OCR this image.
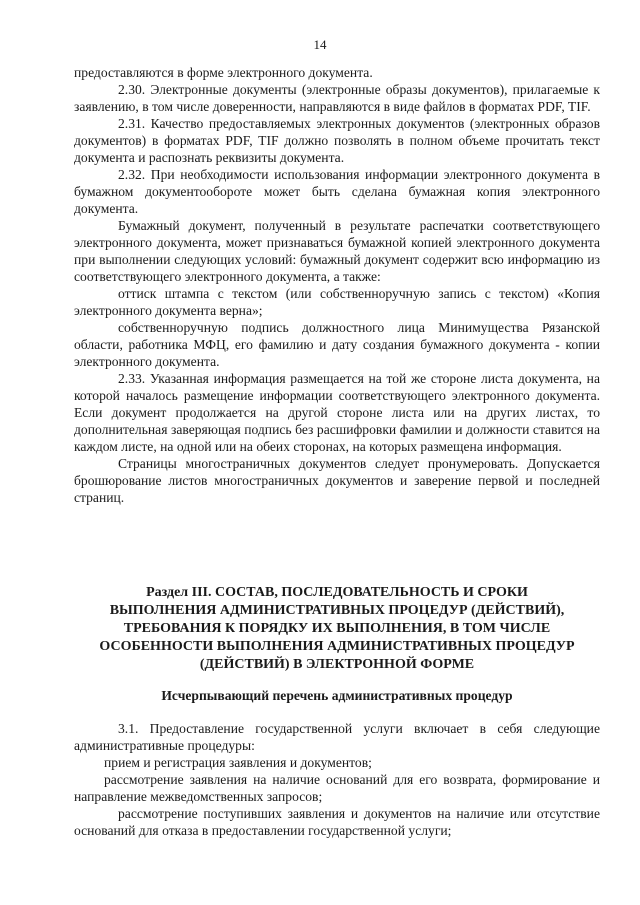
14

предоставляются в форме электронного документа.

2.30. Электронные документы (электронные образы документов), прилагаемые к заявлению, в том числе доверенности, направляются в виде файлов в форматах PDF, TIF.

2.31. Качество предоставляемых электронных документов (электронных образов документов) в форматах PDF, TIF должно позволять в полном объеме прочитать текст документа и распознать реквизиты документа.

2.32. При необходимости использования информации электронного документа в бумажном документообороте может быть сделана бумажная копия электронного документа.

Бумажный документ, полученный в результате распечатки соответствующего электронного документа, может признаваться бумажной копией электронного документа при выполнении следующих условий: бумажный документ содержит всю информацию из соответствующего электронного документа, а также:

оттиск штампа с текстом (или собственноручную запись с текстом) «Копия электронного документа верна»;

собственноручную подпись должностного лица Минимущества Рязанской области, работника МФЦ, его фамилию и дату создания бумажного документа - копии электронного документа.

2.33. Указанная информация размещается на той же стороне листа документа, на которой началось размещение информации соответствующего электронного документа. Если документ продолжается на другой стороне листа или на других листах, то дополнительная заверяющая подпись без расшифровки фамилии и должности ставится на каждом листе, на одной или на обеих сторонах, на которых размещена информация.

Страницы многостраничных документов следует пронумеровать. Допускается брошюрование листов многостраничных документов и заверение первой и последней страниц.

Раздел III. СОСТАВ, ПОСЛЕДОВАТЕЛЬНОСТЬ И СРОКИ
ВЫПОЛНЕНИЯ АДМИНИСТРАТИВНЫХ ПРОЦЕДУР (ДЕЙСТВИЙ),
ТРЕБОВАНИЯ К ПОРЯДКУ ИХ ВЫПОЛНЕНИЯ, В ТОМ ЧИСЛЕ
ОСОБЕННОСТИ ВЫПОЛНЕНИЯ АДМИНИСТРАТИВНЫХ ПРОЦЕДУР
(ДЕЙСТВИЙ) В ЭЛЕКТРОННОЙ ФОРМЕ
Исчерпывающий перечень административных процедур

3.1. Предоставление государственной услуги включает в себя следующие административные процедуры:

прием и регистрация заявления и документов;

рассмотрение заявления на наличие оснований для его возврата, формирование и направление межведомственных запросов;

рассмотрение поступивших заявления и документов на наличие или отсутствие оснований для отказа в предоставлении государственной услуги;
